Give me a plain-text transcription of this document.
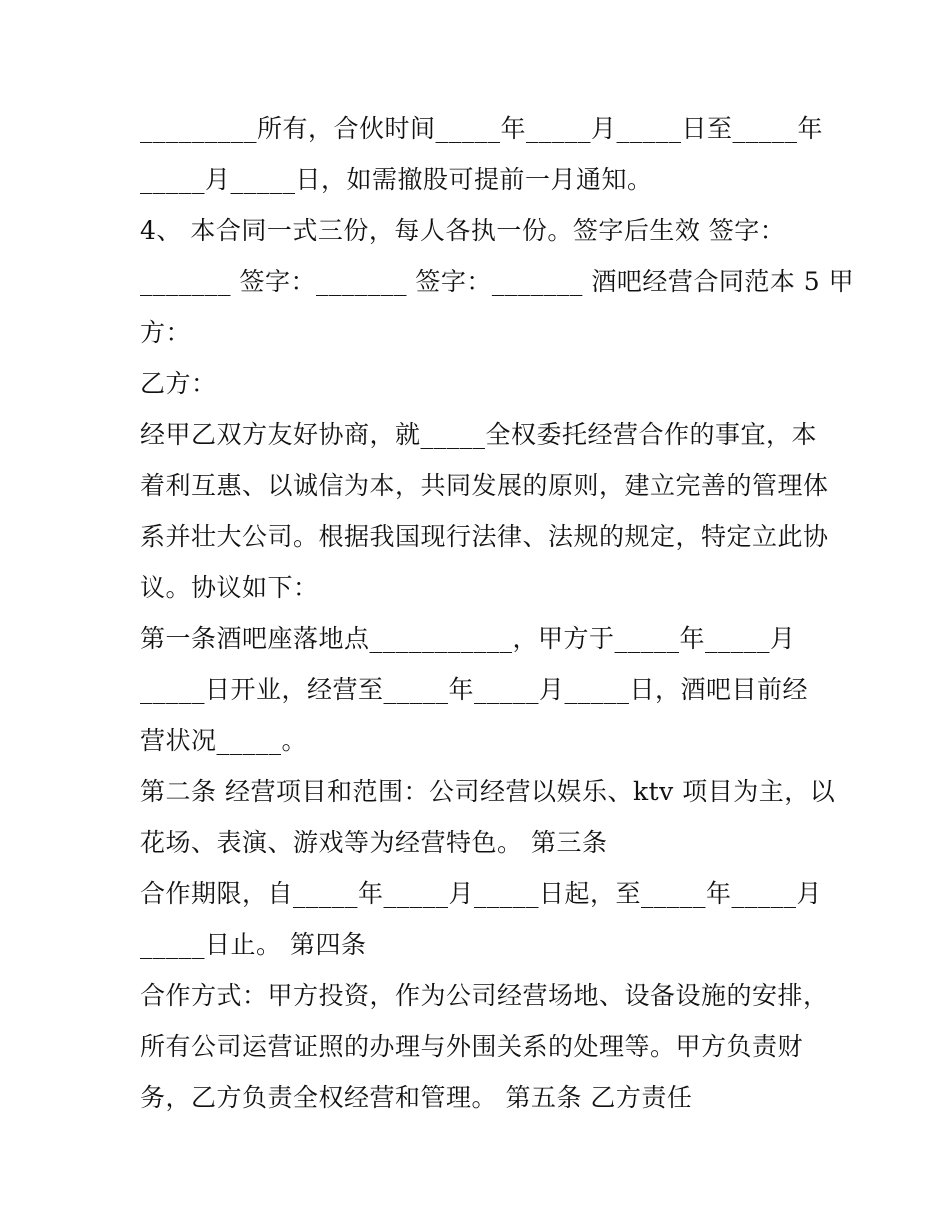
_________所有，合伙时间_____年_____月_____日至_____年
_____月_____日，如需撤股可提前一月通知。
4、 本合同一式三份，每人各执一份。签字后生效 签字：
_______ 签字：_______ 签字：_______ 酒吧经营合同范本 5 甲
方：
乙方：
经甲乙双方友好协商，就_____全权委托经营合作的事宜，本
着利互惠、以诚信为本，共同发展的原则，建立完善的管理体
系并壮大公司。根据我国现行法律、法规的规定，特定立此协
议。协议如下：
第一条酒吧座落地点___________，甲方于_____年_____月
_____日开业，经营至_____年_____月_____日，酒吧目前经
营状况_____。
第二条 经营项目和范围：公司经营以娱乐、ktv 项目为主，以
花场、表演、游戏等为经营特色。 第三条
合作期限，自_____年_____月_____日起，至_____年_____月
_____日止。 第四条
合作方式：甲方投资，作为公司经营场地、设备设施的安排，
所有公司运营证照的办理与外围关系的处理等。甲方负责财
务，乙方负责全权经营和管理。 第五条 乙方责任
